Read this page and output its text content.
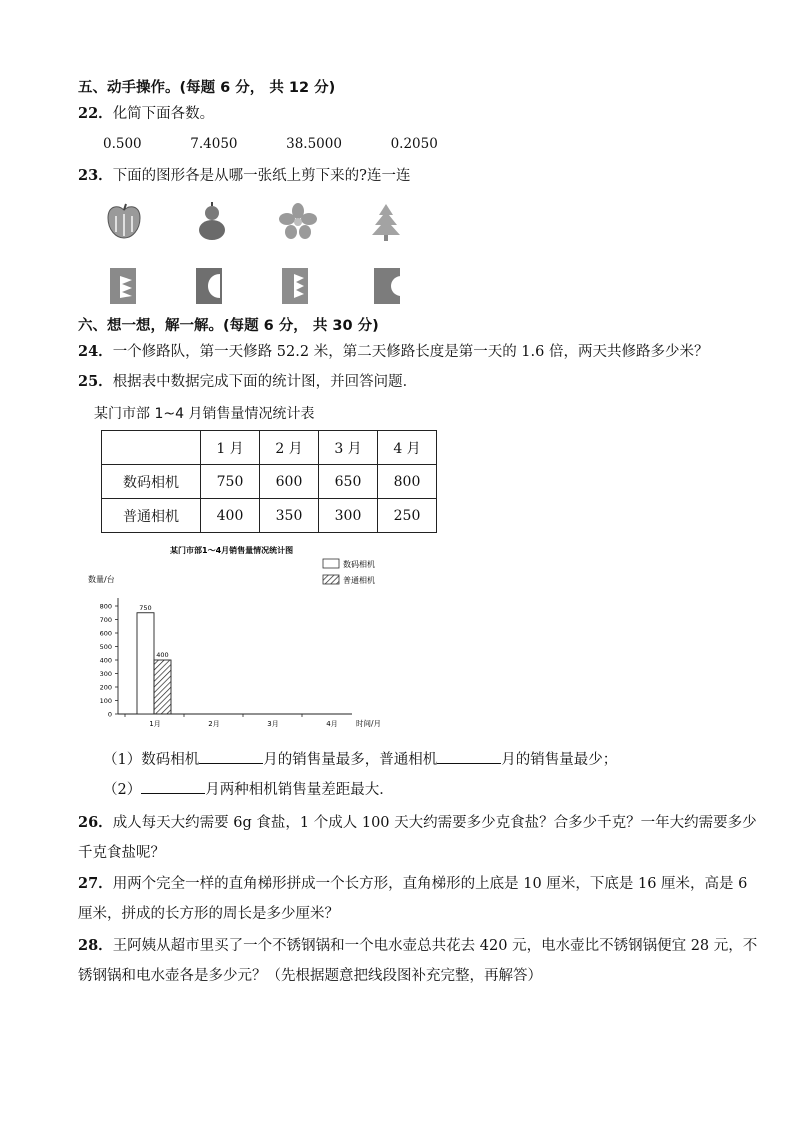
五、动手操作。(每题 6 分， 共 12 分)
22．化简下面各数。
0.500	7.4050	38.5000	0.2050
23．下面的图形各是从哪一张纸上剪下来的?连一连
六、想一想，解一解。(每题 6 分， 共 30 分)
24．一个修路队，第一天修路 52.2 米，第二天修路长度是第一天的 1.6 倍，两天共修路多少米？
25．根据表中数据完成下面的统计图，并回答问题．
某门市部 1~4 月销售量情况统计表
	1 月	2 月	3 月	4 月
数码相机	750	600	650	800
普通相机	400	350	300	250
某门市部1～4月销售量情况统计图
数码相机
普通相机
数量/台
时间/月
0
100
200
300
400
500
600
700
800
1月	2月	3月	4月
750
400
（1）数码相机	月的销售量最多，普通相机	月的销售量最少；
（2）	月两种相机销售量差距最大．
26．成人每天大约需要 6g 食盐，1 个成人 100 天大约需要多少克食盐？合多少千克？一年大约需要多少
千克食盐呢？
27．用两个完全一样的直角梯形拼成一个长方形，直角梯形的上底是 10 厘米，下底是 16 厘米，高是 6
厘米，拼成的长方形的周长是多少厘米？
28．王阿姨从超市里买了一个不锈钢锅和一个电水壶总共花去 420 元，电水壶比不锈钢锅便宜 28 元，不
锈钢锅和电水壶各是多少元？（先根据题意把线段图补充完整，再解答）
